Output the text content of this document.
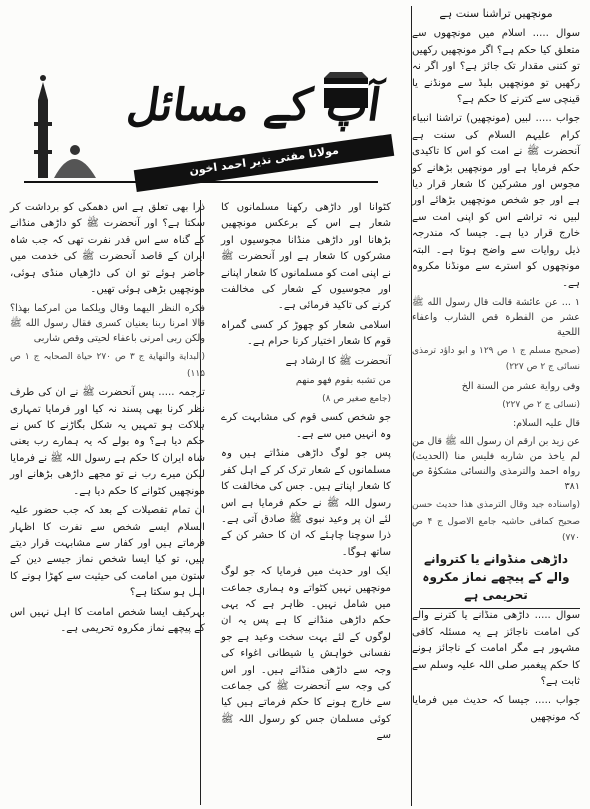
آپ کے مسائل
مولانا مفتی نذیر احمد اخون

مونچھیں تراشنا سنت ہے

سوال ..... اسلام میں مونچھوں سے متعلق کیا حکم ہے؟ اگر مونچھیں رکھیں تو کتنی مقدار تک جائز ہے؟ اور اگر نہ رکھیں تو مونچھیں بلیڈ سے مونڈنے یا قینچی سے کترنے کا حکم ہے؟

جواب ..... لبیں (مونچھیں) تراشنا انبیاء کرام علیہم السلام کی سنت ہے آنحضرت ﷺ نے امت کو اس کا تاکیدی حکم فرمایا ہے اور مونچھیں بڑھانے کو مجوس اور مشرکین کا شعار قرار دیا ہے اور جو شخص مونچھیں بڑھائے اور لبیں نہ تراشے اس کو اپنی امت سے خارج قرار دیا ہے۔ جیسا کہ مندرجہ ذیل روایات سے واضح ہوتا ہے۔ البتہ مونچھوں کو استرے سے مونڈنا مکروہ ہے۔

١ ... عن عائشة قالت قال رسول الله ﷺ عشر من الفطرة قص الشارب واعفاء اللحية

(صحیح مسلم ج ۱ ص ۱۲۹ و ابو داؤد ترمذی نسائی ج ۲ ص ۲۲۷)

وفی روایة عشر من السنة الخ

(نسائی ج ۲ ص ۲۲۷)

قال علیہ السلام:

عن زید بن ارقم ان رسول الله ﷺ قال من لم یاخذ من شاربه فلیس منا (الحدیث) رواہ احمد والترمذی والنسائی مشکوٰۃ ص ۳۸۱

(واسناده جید وقال الترمذی هذا حدیث حسن صحیح کمافی حاشیہ جامع الاصول ج ۴ ص ۷۷۰)

داڑھی منڈوانے یا کتروانے والے کے پیچھے نماز مکروہ تحریمی ہے

سوال ..... داڑھی منڈانے یا کترنے والے کی امامت ناجائز ہے یہ مسئلہ کافی مشہور ہے مگر امامت کے ناجائز ہونے کا حکم پیغمبر صلی اللہ علیہ وسلم سے ثابت ہے؟

جواب ..... جیسا کہ حدیث میں فرمایا کہ مونچھیں

کٹوانا اور داڑھی رکھنا مسلمانوں کا شعار ہے اس کے برعکس مونچھیں بڑھانا اور داڑھی منڈانا مجوسیوں اور مشرکوں کا شعار ہے اور آنحضرت ﷺ نے اپنی امت کو مسلمانوں کا شعار اپنانے اور مجوسیوں کے شعار کی مخالفت کرنے کی تاکید فرمائی ہے۔

اسلامی شعار کو چھوڑ کر کسی گمراہ قوم کا شعار اختیار کرنا حرام ہے۔

آنحضرت ﷺ کا ارشاد ہے

من تشبه بقوم فهو منهم

(جامع صغیر ص ۸)

جو شخص کسی قوم کی مشابہت کرے وہ انہیں میں سے ہے۔

پس جو لوگ داڑھی منڈاتے ہیں وہ مسلمانوں کے شعار ترک کر کے اہل کفر کا شعار اپناتے ہیں۔ جس کی مخالفت کا رسول اللہ ﷺ نے حکم فرمایا ہے اس لئے ان پر وعید نبوی ﷺ صادق آتی ہے۔ ذرا سوچنا چاہئے کہ ان کا حشر کن کے ساتھ ہوگا۔

ایک اور حدیث میں فرمایا کہ جو لوگ مونچھیں نہیں کٹواتے وہ ہماری جماعت میں شامل نہیں۔ ظاہر ہے کہ یہی حکم داڑھی منڈانے کا ہے پس یہ ان لوگوں کے لئے بہت سخت وعید ہے جو نفسانی خواہش یا شیطانی اغواء کی وجہ سے داڑھی منڈاتے ہیں۔ اور اس کی وجہ سے آنحضرت ﷺ کی جماعت سے خارج ہونے کا حکم فرماتے ہیں کیا کوئی مسلمان جس کو رسول اللہ ﷺ سے

ذرا بھی تعلق ہے اس دھمکی کو برداشت کر سکتا ہے؟ اور آنحضرت ﷺ کو داڑھی منڈانے کے گناہ سے اس قدر نفرت تھی کہ جب شاہ ایران کے قاصد آنحضرت ﷺ کی خدمت میں حاضر ہوئے تو ان کی داڑھیاں منڈی ہوئی، مونچھیں بڑھی ہوئی تھیں۔

فکره النظر الیهما وقال ویلکما من امرکما بهذا؟ قالا امرنا ربنا یعنیان کسری فقال رسول الله ﷺ ولکن ربی امرنی باعفاء لحیتی وقص شاربی

(البدایة والنهایة ج ۳ ص ۲۷۰ حیاة الصحابہ ج ۱ ص ۱۱۵)

ترجمہ ..... پس آنحضرت ﷺ نے ان کی طرف نظر کرنا بھی پسند نہ کیا اور فرمایا تمہاری ہلاکت ہو تمہیں یہ شکل بگاڑنے کا کس نے حکم دیا ہے؟ وہ بولے کہ یہ ہمارے رب یعنی شاہ ایران کا حکم ہے رسول اللہ ﷺ نے فرمایا لیکن میرے رب نے تو مجھے داڑھی بڑھانے اور مونچھیں کٹوانے کا حکم دیا ہے۔

ان تمام تفصیلات کے بعد کہ جب حضور علیہ السلام ایسے شخص سے نفرت کا اظہار فرماتے ہیں اور کفار سے مشابہت قرار دیتے ہیں، تو کیا ایسا شخص نماز جیسے دین کے ستون میں امامت کی حیثیت سے کھڑا ہونے کا اہل ہو سکتا ہے؟

بہرکیف ایسا شخص امامت کا اہل نہیں اس کے پیچھے نماز مکروہ تحریمی ہے۔
